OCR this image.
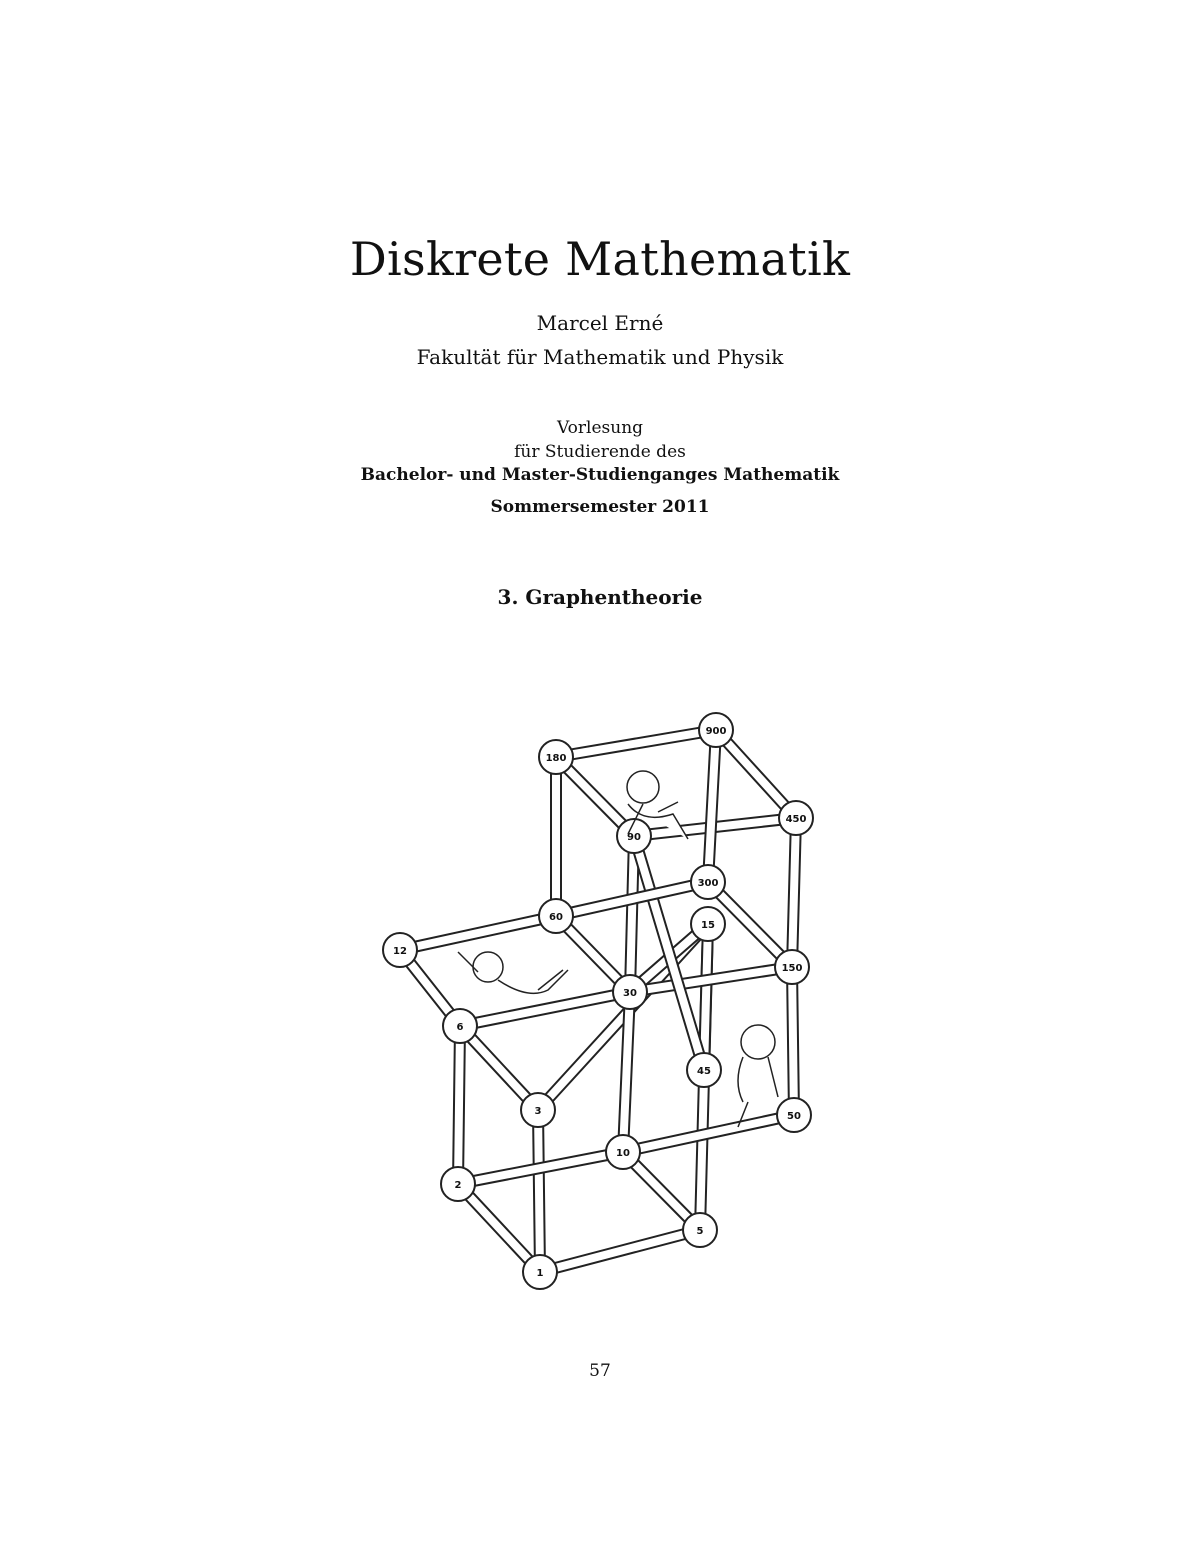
Diskrete Mathematik
Marcel Erné
Fakultät für Mathematik und Physik
Vorlesung
für Studierende des
Bachelor- und Master-Studienganges Mathematik
Sommersemester 2011
3. Graphentheorie
1
2
3
5
6
10
12
15
30
45
50
60
90
150
180
300
450
900
57
